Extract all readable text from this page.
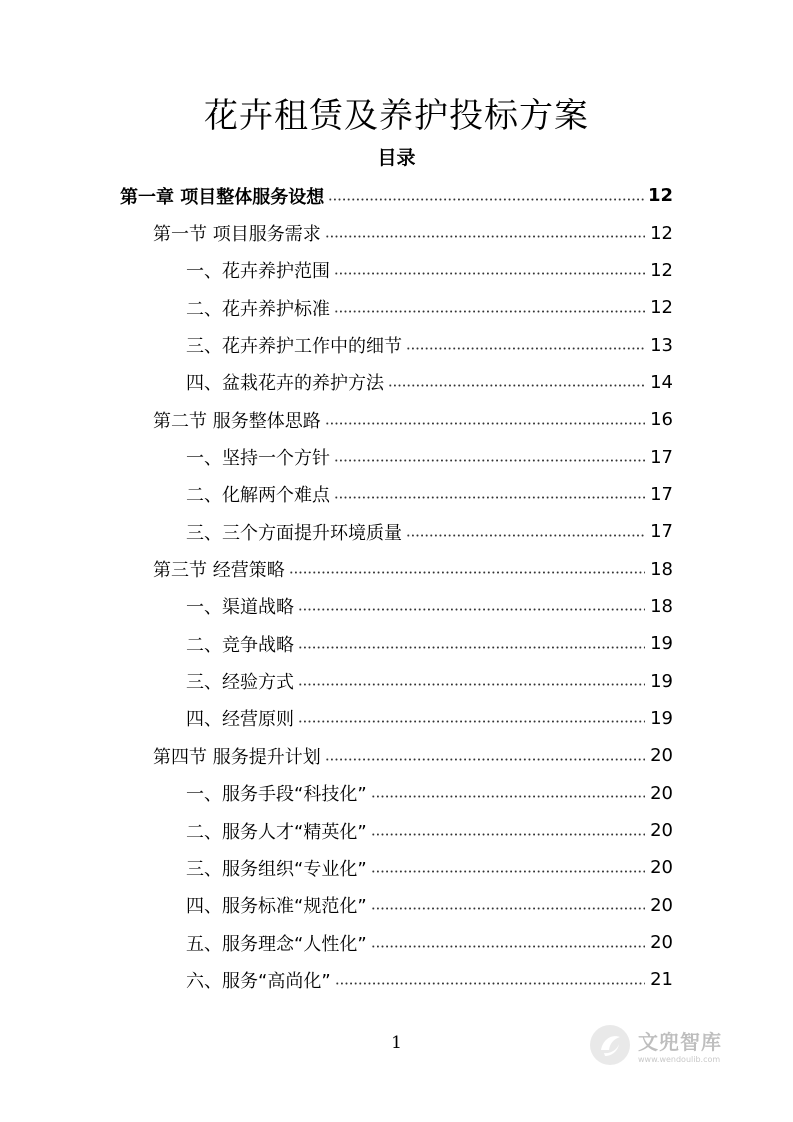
花卉租赁及养护投标方案
目录
第一章 项目整体服务设想	12
第一节 项目服务需求	12
一、花卉养护范围	12
二、花卉养护标准	12
三、花卉养护工作中的细节	13
四、盆栽花卉的养护方法	14
第二节 服务整体思路	16
一、坚持一个方针	17
二、化解两个难点	17
三、三个方面提升环境质量	17
第三节 经营策略	18
一、渠道战略	18
二、竞争战略	19
三、经验方式	19
四、经营原则	19
第四节 服务提升计划	20
一、服务手段“科技化”	20
二、服务人才“精英化”	20
三、服务组织“专业化”	20
四、服务标准“规范化”	20
五、服务理念“人性化”	20
六、服务“高尚化”	21
1	文兜智库
www.wendoulib.com
